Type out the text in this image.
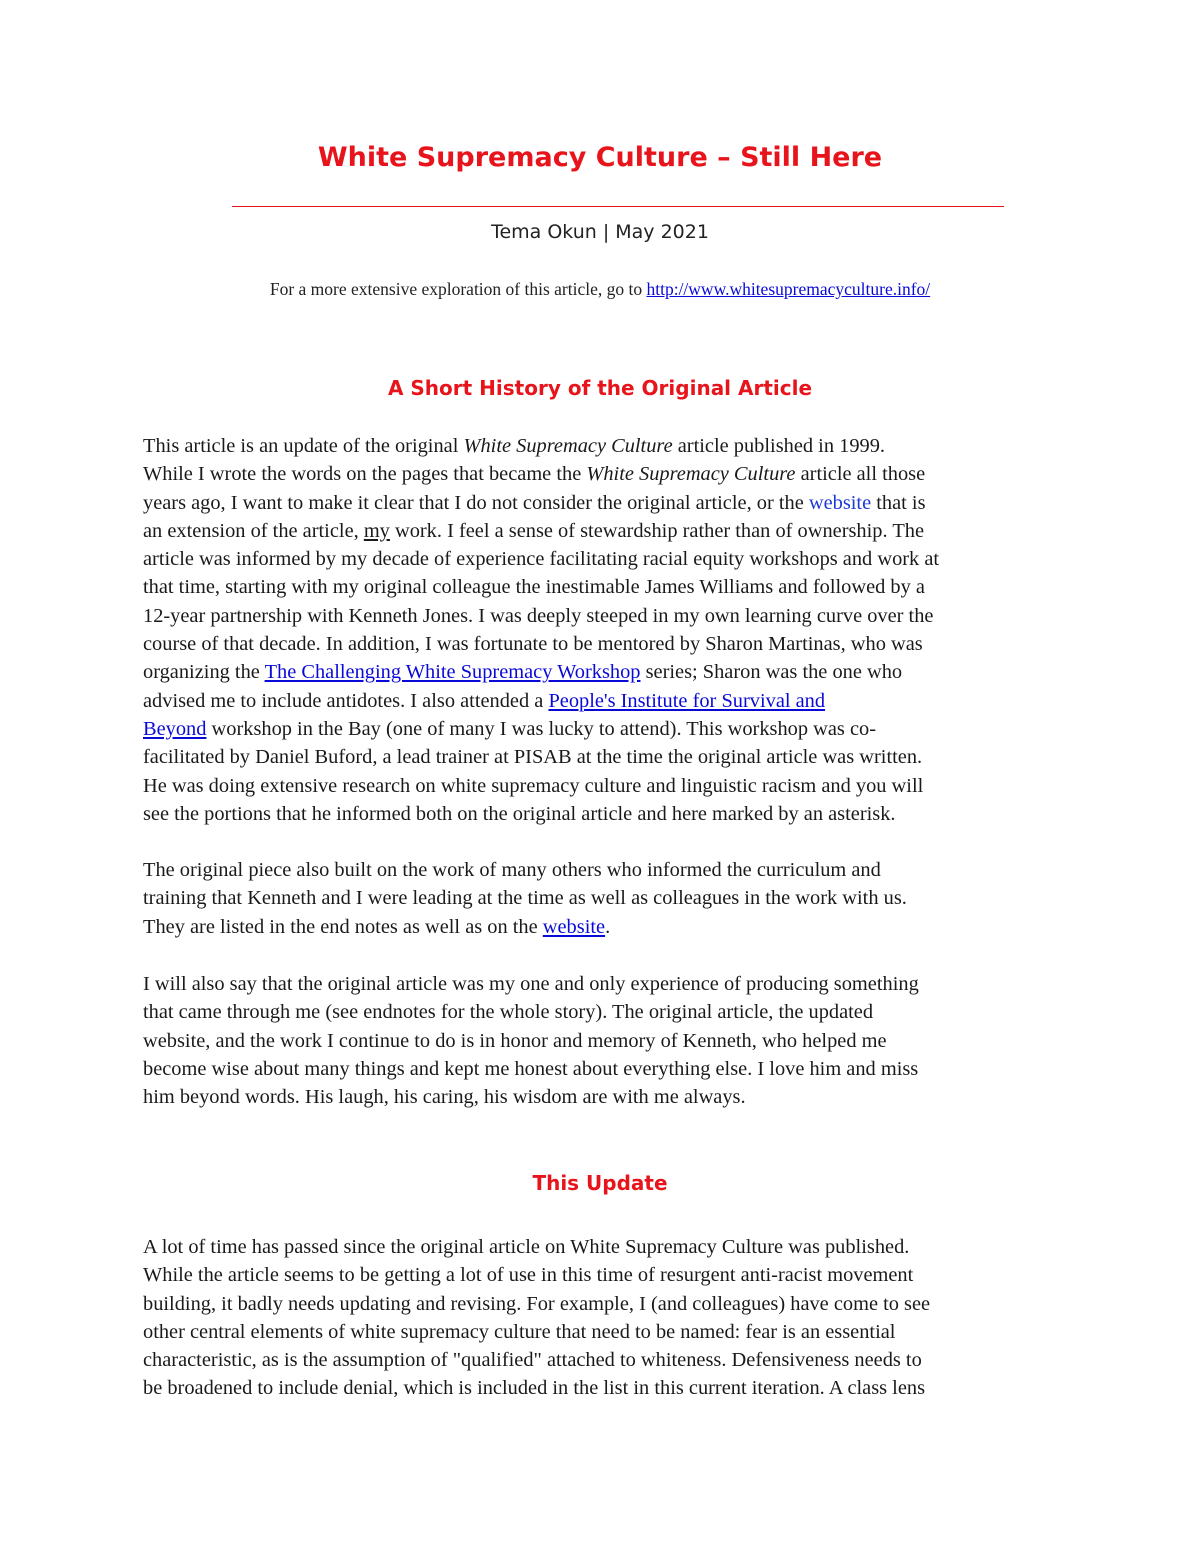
White Supremacy Culture – Still Here
Tema Okun | May 2021
For a more extensive exploration of this article, go to http://www.whitesupremacyculture.info/
A Short History of the Original Article
This article is an update of the original White Supremacy Culture article published in 1999.
While I wrote the words on the pages that became the White Supremacy Culture article all those
years ago, I want to make it clear that I do not consider the original article, or the website that is
an extension of the article, my work. I feel a sense of stewardship rather than of ownership. The
article was informed by my decade of experience facilitating racial equity workshops and work at
that time, starting with my original colleague the inestimable James Williams and followed by a
12-year partnership with Kenneth Jones. I was deeply steeped in my own learning curve over the
course of that decade. In addition, I was fortunate to be mentored by Sharon Martinas, who was
organizing the The Challenging White Supremacy Workshop series; Sharon was the one who
advised me to include antidotes. I also attended a People's Institute for Survival and
Beyond workshop in the Bay (one of many I was lucky to attend). This workshop was co-
facilitated by Daniel Buford, a lead trainer at PISAB at the time the original article was written.
He was doing extensive research on white supremacy culture and linguistic racism and you will
see the portions that he informed both on the original article and here marked by an asterisk.
The original piece also built on the work of many others who informed the curriculum and
training that Kenneth and I were leading at the time as well as colleagues in the work with us.
They are listed in the end notes as well as on the website.
I will also say that the original article was my one and only experience of producing something
that came through me (see endnotes for the whole story). The original article, the updated
website, and the work I continue to do is in honor and memory of Kenneth, who helped me
become wise about many things and kept me honest about everything else. I love him and miss
him beyond words. His laugh, his caring, his wisdom are with me always.
This Update
A lot of time has passed since the original article on White Supremacy Culture was published.
While the article seems to be getting a lot of use in this time of resurgent anti-racist movement
building, it badly needs updating and revising. For example, I (and colleagues) have come to see
other central elements of white supremacy culture that need to be named: fear is an essential
characteristic, as is the assumption of "qualified" attached to whiteness. Defensiveness needs to
be broadened to include denial, which is included in the list in this current iteration. A class lens
